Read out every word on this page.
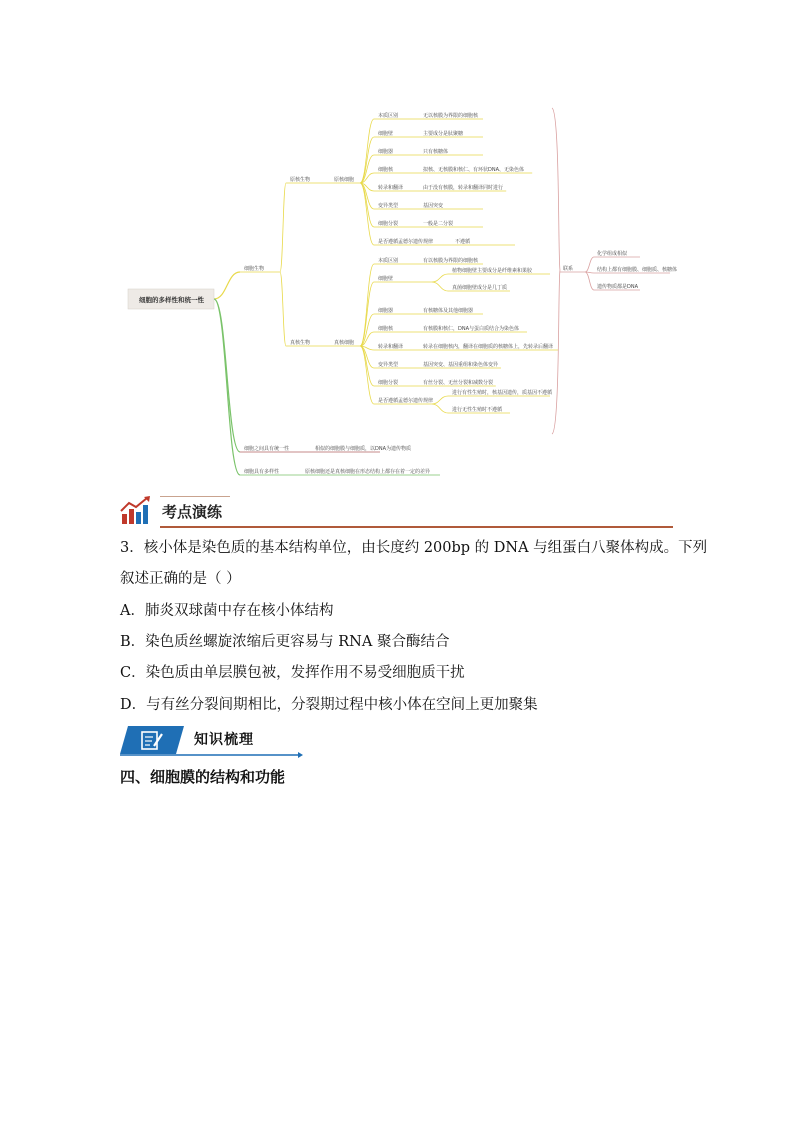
细胞的多样性和统一性
细胞生物
细胞之间具有统一性	相似的细胞膜与细胞质，以DNA为遗传物质
细胞具有多样性	原核细胞还是真核细胞在形态结构上都存在着一定的差异
原核生物	原核细胞
本质区别	无以核膜为界限的细胞核
细胞壁	主要成分是肽聚糖
细胞器	只有核糖体
细胞核	拟核、无核膜和核仁、有环状DNA、无染色体
转录和翻译	由于没有核膜，转录和翻译同时进行
变异类型	基因突变
细胞分裂	一般是二分裂
是否遵循孟德尔遗传规律	不遵循
真核生物	真核细胞
本质区别	有以核膜为界限的细胞核
细胞壁
植物细胞壁主要成分是纤维素和果胶
真菌细胞壁成分是几丁质
细胞器	有核糖体及其他细胞器
细胞核	有核膜和核仁，DNA与蛋白质结合为染色体
转录和翻译	转录在细胞核内，翻译在细胞质的核糖体上，先转录后翻译
变异类型	基因突变、基因重组和染色体变异
细胞分裂	有丝分裂、无丝分裂和减数分裂
是否遵循孟德尔遗传规律
进行有性生殖时，核基因遗传，质基因不遵循
进行无性生殖时不遵循
联系
化学组成相似
结构上都有细胞膜、细胞质、核糖体
遗传物质都是DNA
考点演练
3．核小体是染色质的基本结构单位，由长度约 200bp 的 DNA 与组蛋白八聚体构成。下列
叙述正确的是（ ）
A．肺炎双球菌中存在核小体结构
B．染色质丝螺旋浓缩后更容易与 RNA 聚合酶结合
C．染色质由单层膜包被，发挥作用不易受细胞质干扰
D．与有丝分裂间期相比，分裂期过程中核小体在空间上更加聚集
知识梳理
四、细胞膜的结构和功能
